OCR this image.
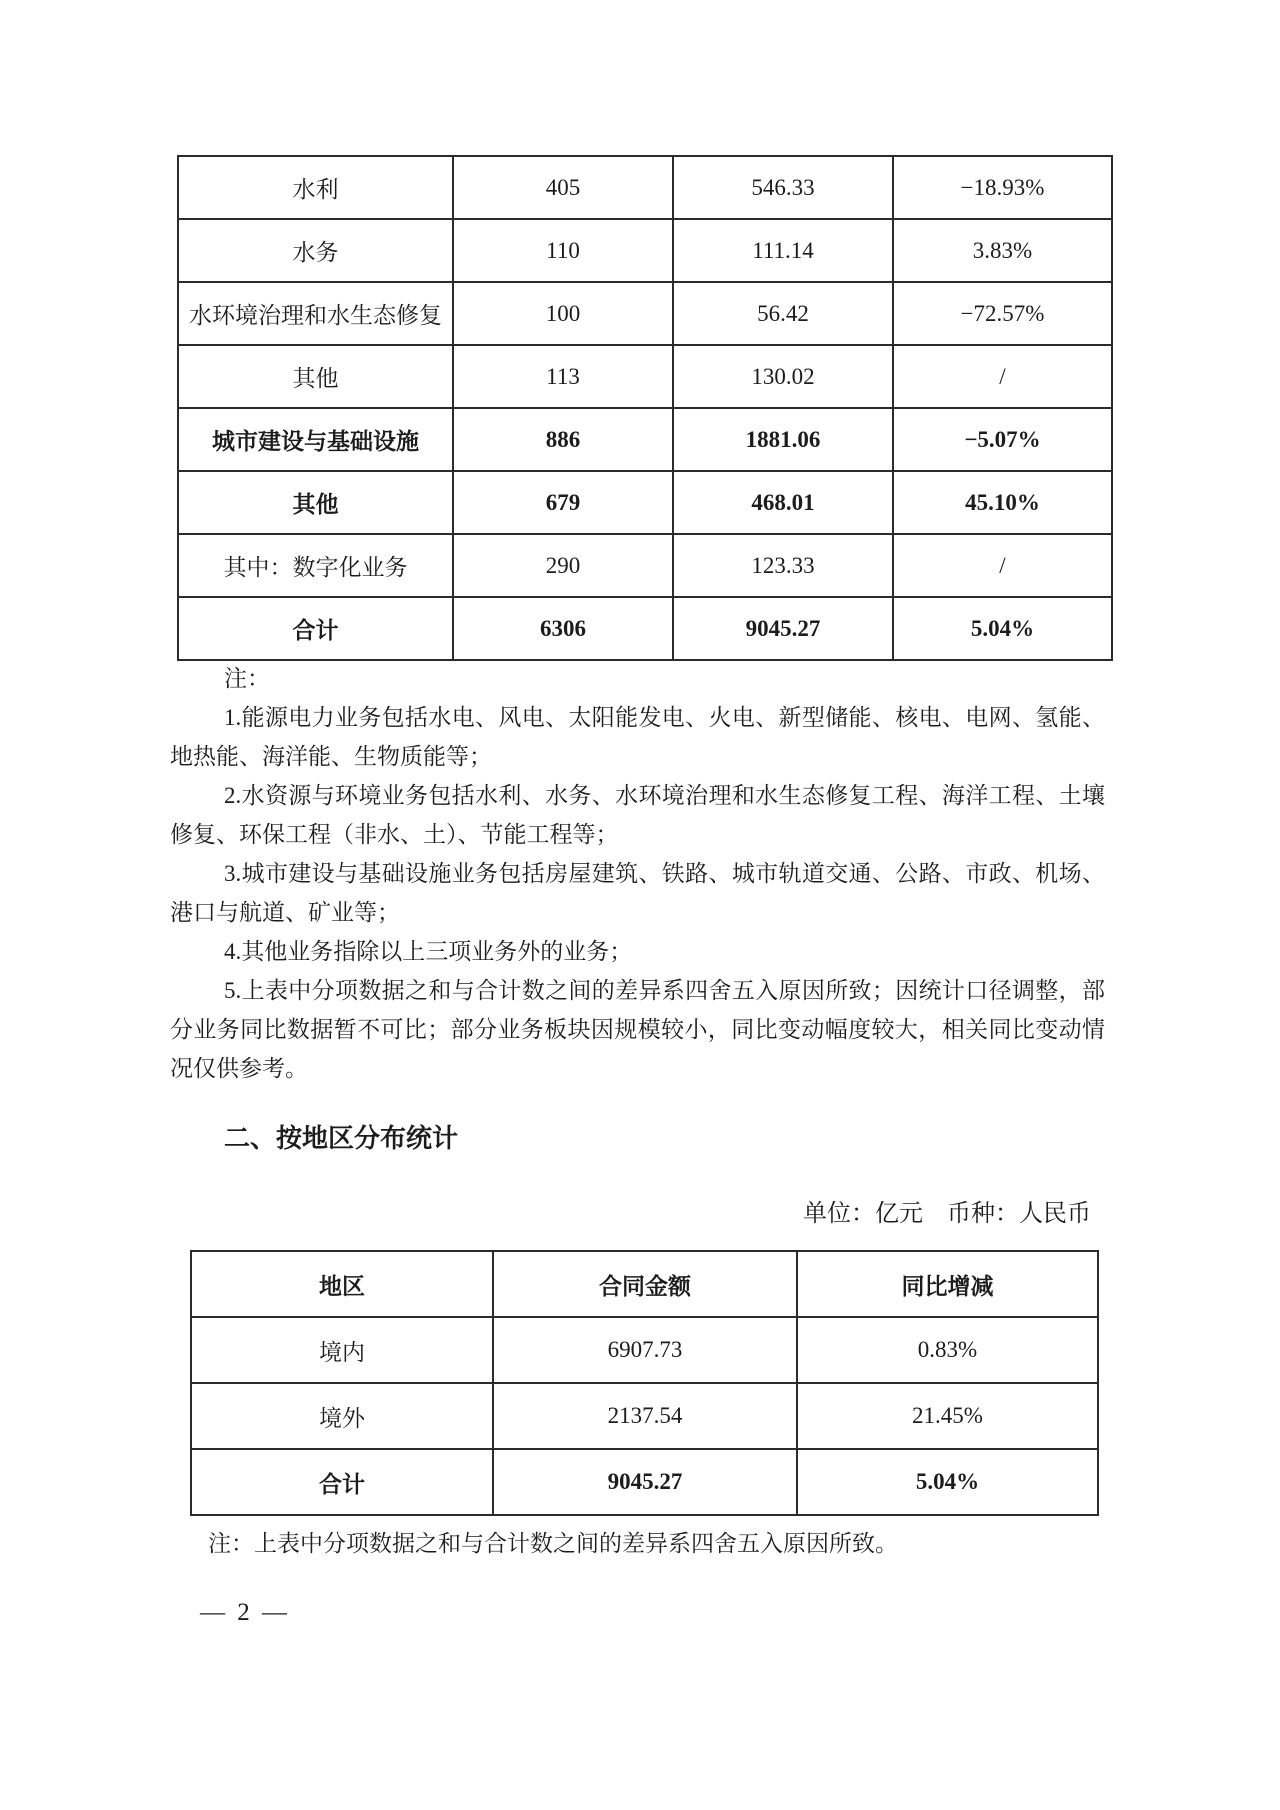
水利	405	546.33	−18.93%
水务	110	111.14	3.83%
水环境治理和水生态修复	100	56.42	−72.57%
其他	113	130.02	/
城市建设与基础设施	886	1881.06	−5.07%
其他	679	468.01	45.10%
其中：数字化业务	290	123.33	/
合计	6306	9045.27	5.04%

注：

1.能源电力业务包括水电、风电、太阳能发电、火电、新型储能、核电、电网、氢能、地热能、海洋能、生物质能等；

2.水资源与环境业务包括水利、水务、水环境治理和水生态修复工程、海洋工程、土壤修复、环保工程（非水、土）、节能工程等；

3.城市建设与基础设施业务包括房屋建筑、铁路、城市轨道交通、公路、市政、机场、港口与航道、矿业等；

4.其他业务指除以上三项业务外的业务；

5.上表中分项数据之和与合计数之间的差异系四舍五入原因所致；因统计口径调整，部分业务同比数据暂不可比；部分业务板块因规模较小，同比变动幅度较大，相关同比变动情况仅供参考。

二、按地区分布统计
单位：亿元　币种：人民币
地区	合同金额	同比增减
境内	6907.73	0.83%
境外	2137.54	21.45%
合计	9045.27	5.04%

注：上表中分项数据之和与合计数之间的差异系四舍五入原因所致。

— 2 —
